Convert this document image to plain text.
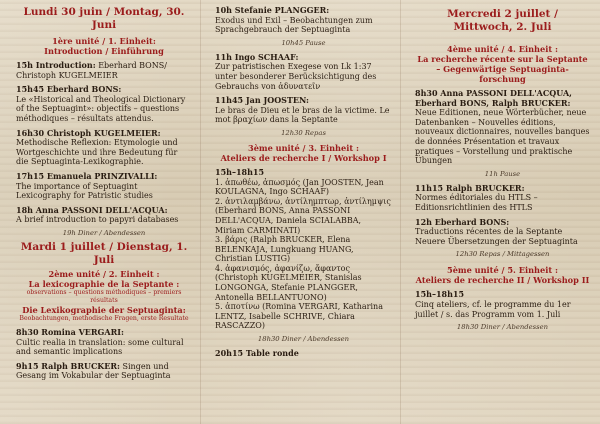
Lundi 30 juin / Montag, 30. Juni
1ère unité / 1. Einheit:
Introduction / Einführung
15h Introduction: Eberhard BONS/ Christoph KUGELMEIER
15h45 Eberhard BONS:
Le «Historical and Theological Dictionary of the Septuagint»: objectifs – questions méthodiques – résultats attendus.
16h30 Christoph KUGELMEIER:
Methodische Reflexion: Etymologie und Wortgeschichte und ihre Bedeutung für die Septuaginta-Lexikographie.
17h15 Emanuela PRINZIVALLI:
The importance of Septuagint Lexicography for Patristic studies
18h Anna PASSONI DELL'ACQUA:
A brief introduction to papyri databases
19h Diner / Abendessen
Mardi 1 juillet / Dienstag, 1. Juli
2ème unité / 2. Einheit :
La lexicographie de la Septante :
observations – questions méthodiques – premiers résultats
Die Lexikographie der Septuaginta:
Beobachtungen, methodische Fragen, erste Resultate
8h30 Romina VERGARI:
Cultic realia in translation: some cultural and semantic implications
9h15 Ralph BRUCKER: Singen und Gesang im Vokabular der Septuaginta
10h Stefanie PLANGGER:
Exodus und Exil – Beobachtungen zum Sprachgebrauch der Septuaginta
10h45 Pause
11h Ingo SCHAAF:
Zur patristischen Exegese von Lk 1:37 unter besonderer Berücksichtigung des Gebrauchs von ἀδυνατεῖν
11h45 Jan JOOSTEN:
Le bras de Dieu et le bras de la victime. Le mot βραχίων dans la Septante
12h30 Repas
3ème unité / 3. Einheit :
Ateliers de recherche I / Workshop I
15h–18h15
1. ἀπωθέω, ἀπωσμός (Jan JOOSTEN, Jean KOULAGNA, Ingo SCHAAF)
2. ἀντιλαμβάνω, ἀντίλημπτωρ, ἀντίλημψις (Eberhard BONS, Anna PASSONI DELL'ACQUA, Daniela SCIALABBA, Miriam CARMINATI)
3. βάρις (Ralph BRUCKER, Elena BELENKAJA, Lungkuang HUANG, Christian LUSTIG)
4. ἀφανισμός, ἀφανίζω, ἄφαντος (Christoph KUGELMEIER, Stanislas LONGONGA, Stefanie PLANGGER, Antonella BELLANTUONO)
5. ἀποτίνω (Romina VERGARI, Katharina LENTZ, Isabelle SCHRIVE, Chiara RASCAZZO)
18h30 Diner / Abendessen
20h15 Table ronde
Mercredi 2 juillet /
Mittwoch, 2. Juli
4ème unité / 4. Einheit :
La recherche récente sur la Septante – Gegenwärtige Septuaginta-forschung
8h30 Anna PASSONI DELL'ACQUA, Eberhard BONS, Ralph BRUCKER:
Neue Editionen, neue Wörterbücher, neue Datenbanken – Nouvelles éditions, nouveaux dictionnaires, nouvelles banques de données Présentation et travaux pratiques – Vorstellung und praktische Übungen
11h Pause
11h15 Ralph BRUCKER:
Normes éditoriales du HTLS – Editionsrichtlinien des HTLS
12h Eberhard BONS:
Traductions récentes de la Septante Neuere Übersetzungen der Septuaginta
12h30 Repas / Mittagessen
5ème unité / 5. Einheit :
Ateliers de recherche II / Workshop II
15h–18h15
Cinq ateliers, cf. le programme du 1er juillet / s. das Programm vom 1. Juli
18h30 Diner / Abendessen
